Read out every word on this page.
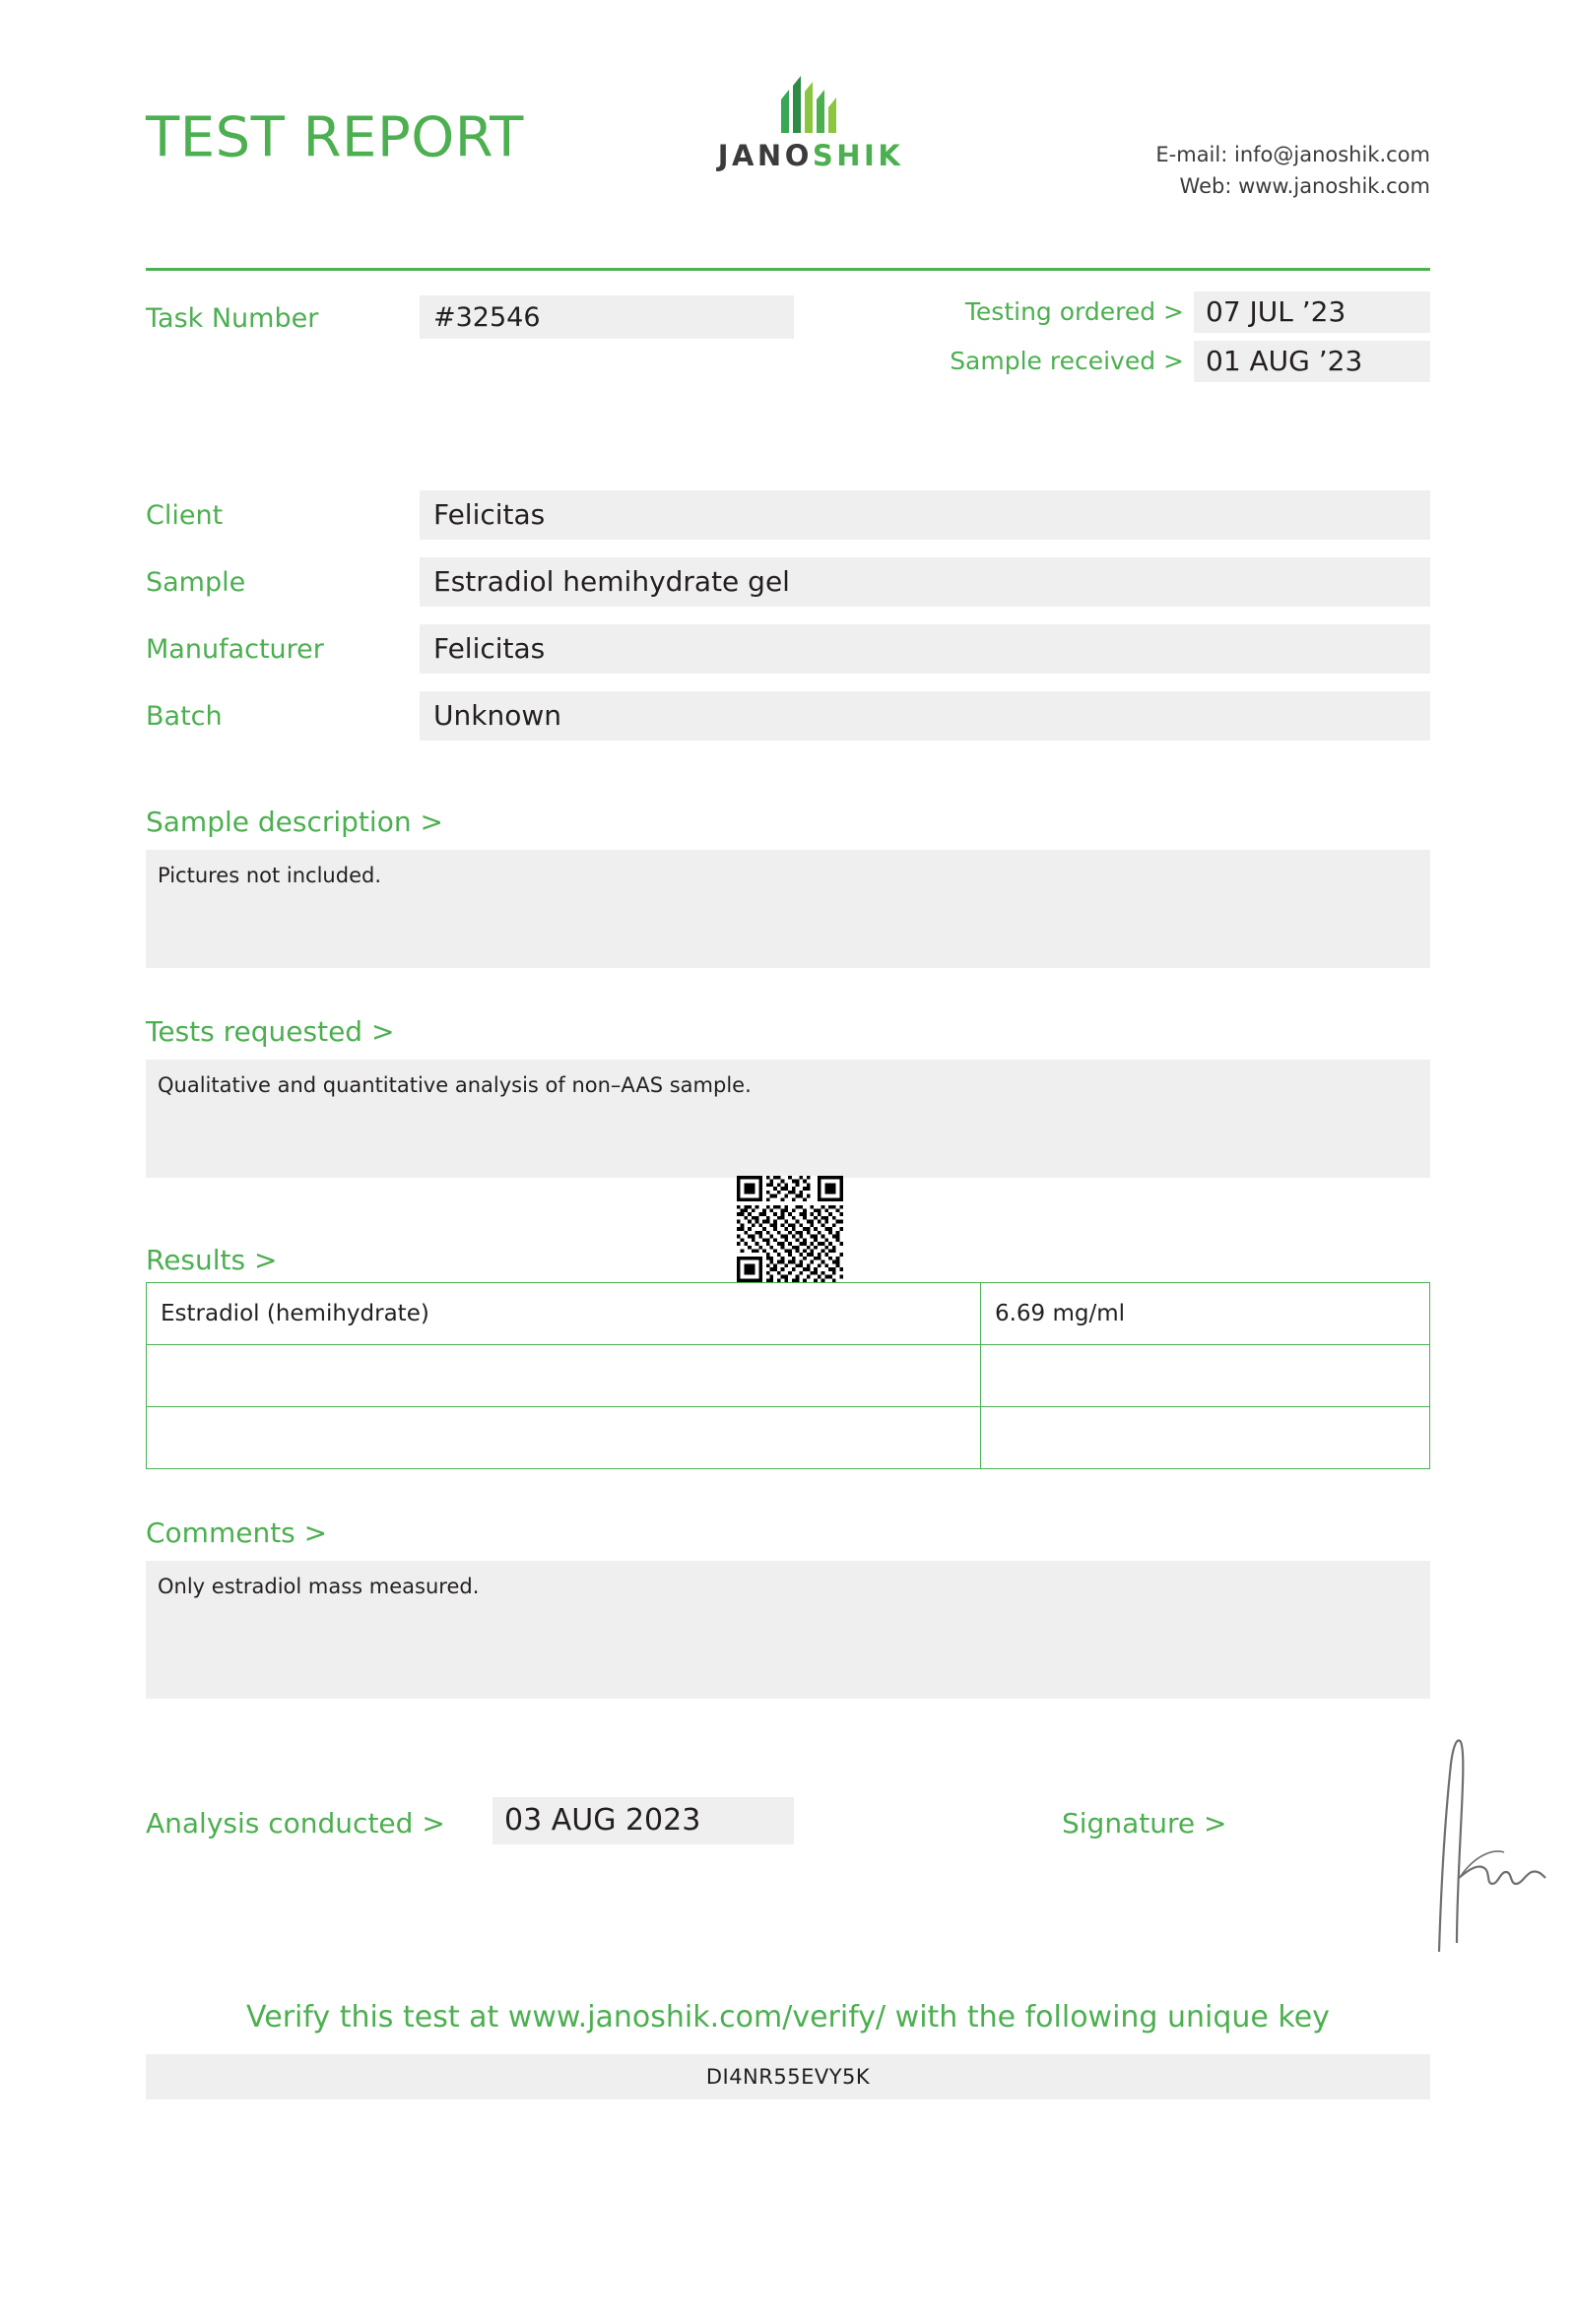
TEST REPORT	JANOSHIK	E-mail: info@janoshik.com
Web: www.janoshik.com
Task Number	#32546	Testing ordered > 07 JUL ’23
Sample received > 01 AUG ’23
Client	Felicitas
Sample	Estradiol hemihydrate gel
Manufacturer	Felicitas
Batch	Unknown
Sample description >
Pictures not included.
Tests requested >
Qualitative and quantitative analysis of non–AAS sample.
Results >
Estradiol (hemihydrate)	6.69 mg/ml

Comments >
Only estradiol mass measured.
Analysis conducted >	03 AUG 2023	Signature >
Verify this test at www.janoshik.com/verify/ with the following unique key
DI4NR55EVY5K
